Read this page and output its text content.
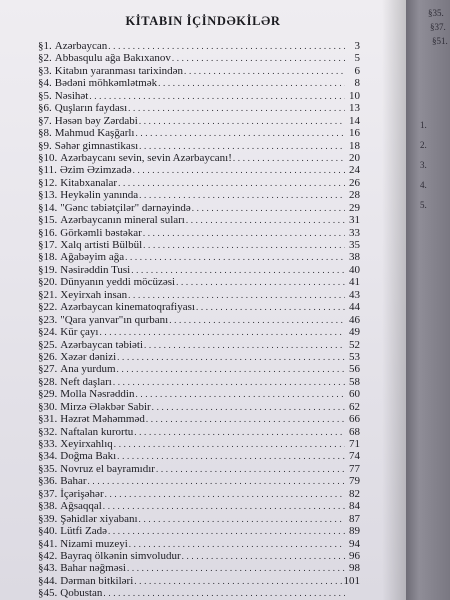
KİTABIN İÇİNDƏKİLƏR
§1. Azərbaycan . . .	3
§2. Abbasqulu ağa Bakıxanov . . .	5
§3. Kitabın yaranması tarixindən . . .	6
§4. Bədəni möhkəmlətmək . . .	8
§5. Nəsihət . . .	10
§6. Quşların faydası . . .	13
§7. Həsən bəy Zərdabi . . .	14
§8. Mahmud Kaşğarlı . . .	16
§9. Səhər gimnastikası . . .	18
§10. Azərbaycanı sevin, sevin Azərbaycanı! . . .	20
§11. Əzim Əzimzadə . . .	24
§12. Kitabxanalar . . .	26
§13. Heykəlin yanında . . .	28
§14. "Gənc təbiətçilər" dərnəyində . . .	29
§15. Azərbaycanın mineral suları . . .	31
§16. Görkəmli bəstəkar . . .	33
§17. Xalq artisti Bülbül . . .	35
§18. Ağabəyim ağa . . .	38
§19. Nəsirəddin Tusi . . .	40
§20. Dünyanın yeddi möcüzəsi . . .	41
§21. Xeyirxah insan . . .	43
§22. Azərbaycan kinematoqrafiyası . . .	44
§23. "Qara yanvar"ın qurbanı . . .	46
§24. Kür çayı . . .	49
§25. Azərbaycan təbiəti . . .	52
§26. Xəzər dənizi . . .	53
§27. Ana yurdum . . .	56
§28. Neft daşları . . .	58
§29. Molla Nəsrəddin . . .	60
§30. Mirzə Ələkbər Sabir . . .	62
§31. Həzrət Məhəmməd . . .	66
§32. Naftalan kurortu . . .	68
§33. Xeyirxahlıq . . .	71
§34. Doğma Bakı . . .	74
§35. Novruz el bayramıdır . . .	77
§36. Bahar . . .	79
§37. İçərişəhər . . .	82
§38. Ağsaqqal . . .	84
§39. Şəhidlər xiyabanı . . .	87
§40. Lütfi Zadə . . .	89
§41. Nizami muzeyi . . .	94
§42. Bayraq ölkənin simvoludur . . .	96
§43. Bahar nəğməsi . . .	98
§44. Dərman bitkiləri . . .	101
§45. Qobustan
. . .
§35.
§37.
§51.
1.
2.
3.
4.
5.
